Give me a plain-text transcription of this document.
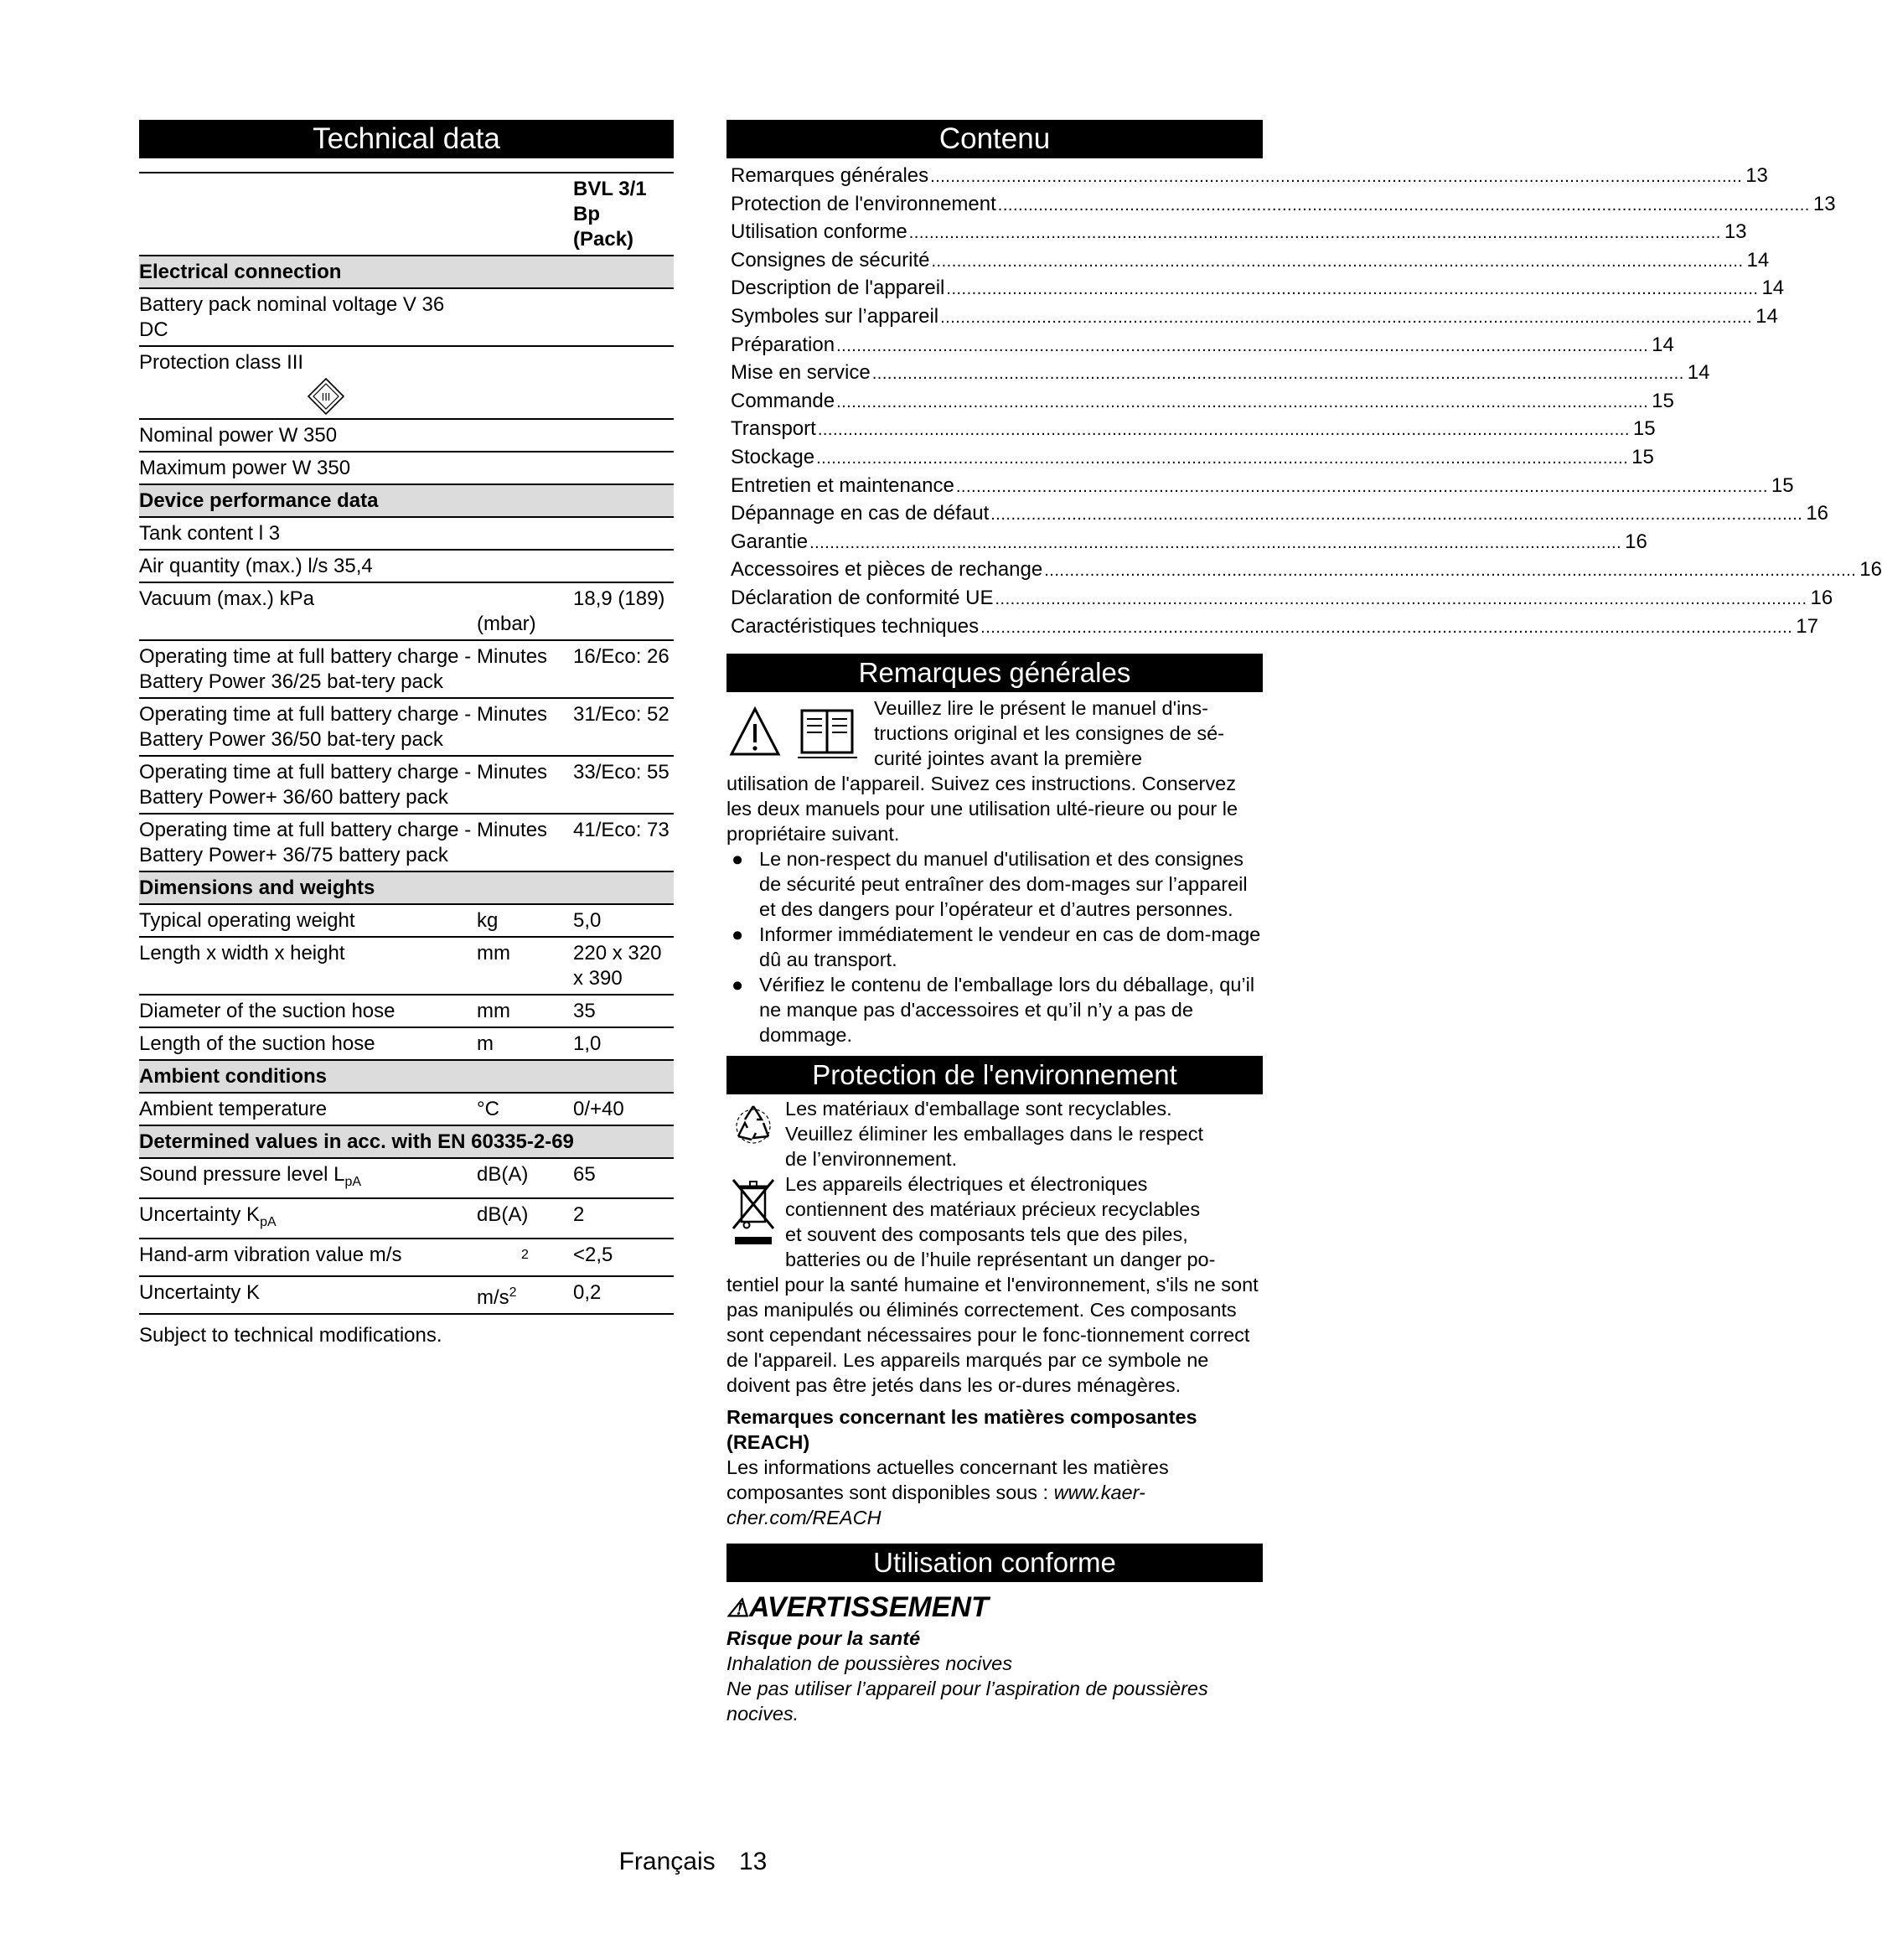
Technical data

		BVL 3/1
Bp
(Pack)

Electrical connection		
Battery pack nominal voltage V 36 DC		
Protection class III
III		

Nominal power W 350		
Maximum power W 350		
Device performance data		
Tank content l 3		
Air quantity (max.) l/s 35,4		
Vacuum (max.) kPa	(mbar)	18,9 (189)
Operating time at full battery charge - Battery Power 36/25 bat-tery pack	Minutes	16/Eco: 26
Operating time at full battery charge - Battery Power 36/50 bat-tery pack	Minutes	31/Eco: 52
Operating time at full battery charge - Battery Power+ 36/60 battery pack	Minutes	33/Eco: 55
Operating time at full battery charge - Battery Power+ 36/75 battery pack	Minutes	41/Eco: 73
Dimensions and weights		
Typical operating weight	kg	5,0
Length x width x height	mm	220 x 320 x 390
Diameter of the suction hose	mm	35
Length of the suction hose	m	1,0
Ambient conditions		
Ambient temperature	°C	0/+40
Determined values in acc. with EN 60335-2-69		
Sound pressure level $L_{pA}$	dB(A)	65
Uncertainty $K_{pA}$	dB(A)	2
Hand-arm vibration value m/s	$^2$	<2,5
Uncertainty K	$m/s^2$	0,2
Subject to technical modifications.
Contenu
Remarques générales ................................................................................................................................................................ 13
Protection de l'environnement ................................................................................................................................................................ 13
Utilisation conforme ................................................................................................................................................................ 13
Consignes de sécurité ................................................................................................................................................................ 14
Description de l'appareil ................................................................................................................................................................ 14
Symboles sur l’appareil ................................................................................................................................................................ 14
Préparation ................................................................................................................................................................ 14
Mise en service ................................................................................................................................................................ 14
Commande ................................................................................................................................................................ 15
Transport ................................................................................................................................................................ 15
Stockage ................................................................................................................................................................ 15
Entretien et maintenance ................................................................................................................................................................ 15
Dépannage en cas de défaut ................................................................................................................................................................ 16
Garantie ................................................................................................................................................................ 16
Accessoires et pièces de rechange ................................................................................................................................................................ 16
Déclaration de conformité UE ................................................................................................................................................................ 16
Caractéristiques techniques ................................................................................................................................................................ 17
Remarques générales
Veuillez lire le présent le manuel d'ins-
tructions original et les consignes de sé-
curité jointes avant la première
utilisation de l'appareil. Suivez ces instructions. Conservez les deux manuels pour une utilisation ulté-rieure ou pour le propriétaire suivant.
● Le non-respect du manuel d'utilisation et des consignes de sécurité peut entraîner des dom-mages sur l’appareil et des dangers pour l’opérateur et d’autres personnes.
● Informer immédiatement le vendeur en cas de dom-mage dû au transport.
● Vérifiez le contenu de l'emballage lors du déballage, qu’il ne manque pas d'accessoires et qu’il n’y a pas de dommage.
Protection de l'environnement
Les matériaux d'emballage sont recyclables.
Veuillez éliminer les emballages dans le respect
de l’environnement.
Les appareils électriques et électroniques
contiennent des matériaux précieux recyclables
et souvent des composants tels que des piles,
batteries ou de l’huile représentant un danger po-
tentiel pour la santé humaine et l'environnement, s'ils ne sont pas manipulés ou éliminés correctement. Ces composants sont cependant nécessaires pour le fonc-tionnement correct de l'appareil. Les appareils marqués par ce symbole ne doivent pas être jetés dans les or-dures ménagères.
Remarques concernant les matières composantes (REACH)
Les informations actuelles concernant les matières composantes sont disponibles sous : www.kaer-cher.com/REACH
Utilisation conforme
⚠AVERTISSEMENT
Risque pour la santé
Inhalation de poussières nocives
Ne pas utiliser l’appareil pour l’aspiration de poussières nocives.
Français 13
